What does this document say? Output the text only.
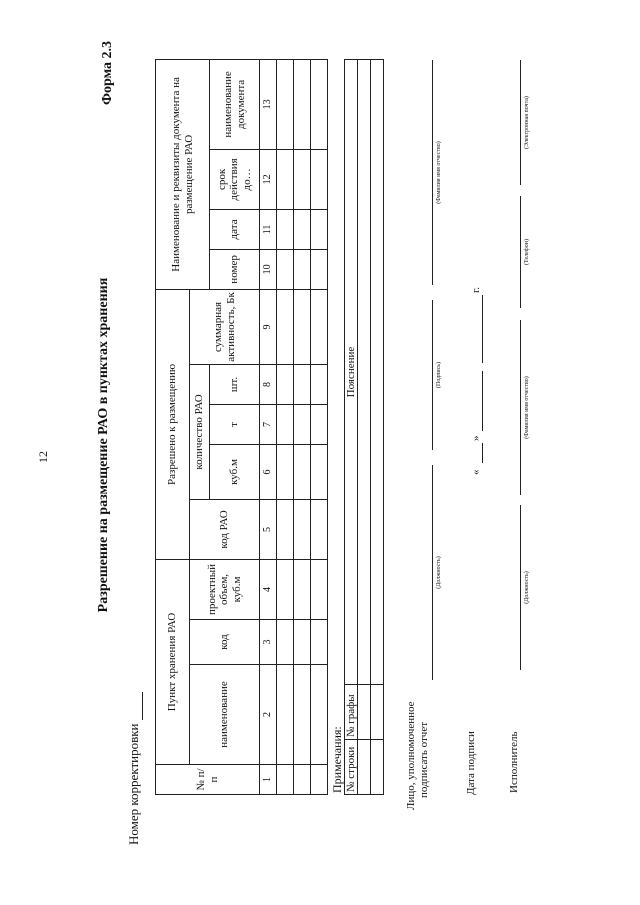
12
Форма 2.3
Разрешение на размещение РАО в пунктах хранения
Номер корректировки	№ п/п	Пункт хранения РАО			Разрешено к размещению					Наименование и реквизиты документа на размещение РАО			
	наименование	код	проектный объем, куб.м	код РАО	количество РАО			суммарная активность, Бк				
					куб.м	т	шт.		номер	дата	срок действия до…	наименование документа
1	2	3	4	5	6	7	8	9	10	11	12	13

Примечания: № строки	№ графы	Пояснение

Лицо, уполномоченное подписать отчет
(Должность)
(Подпись)
(Фамилия имя отчество)
Дата подписи
«
»
г.
Исполнитель
(Должность)
(Фамилия имя отчество)
(Телефон)
(Электронная почта)
